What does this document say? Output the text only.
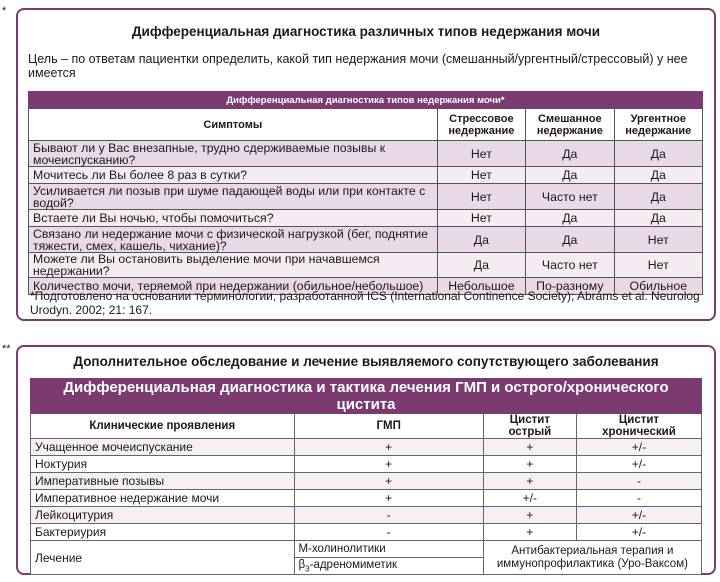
*
**
Дифференциальная диагностика различных типов недержания мочи
Цель – по ответам пациентки определить, какой тип недержания мочи (смешанный/ургентный/стрессовый) у нее имеется
Дифференциальная диагностика типов недержания мочи*			
Симптомы	Стрессовое недержание	Смешанное недержание	Ургентное недержание
Бывают ли у Вас внезапные, трудно сдерживаемые позывы к мочеиспусканию?	Нет	Да	Да
Мочитесь ли Вы более 8 раз в сутки?	Нет	Да	Да
Усиливается ли позыв при шуме падающей воды или при контакте с водой?	Нет	Часто нет	Да
Встаете ли Вы ночью, чтобы помочиться?	Нет	Да	Да
Связано ли недержание мочи с физической нагрузкой (бег, поднятие тяжести, смех, кашель, чихание)?	Да	Да	Нет
Можете ли Вы остановить выделение мочи при начавшемся недержании?	Да	Часто нет	Нет
Количество мочи, теряемой при недержании (обильное/небольшое)	Небольшое	По-разному	Обильное
*Подготовлено на основании терминологии, разработанной ICS (International Continence Society); Abrams et al. Neurolog Urodyn. 2002; 21: 167.
Дополнительное обследование и лечение выявляемого сопутствующего заболевания
Дифференциальная диагностика и тактика лечения ГМП и острого/хронического цистита			
Клинические проявления	ГМП	Цистит острый	Цистит хронический
Учащенное мочеиспускание	+	+	+/-
Ноктурия	+	+	+/-
Императивные позывы	+	+	-
Императивное недержание мочи	+	+/-	-
Лейкоцитурия	-	+	+/-
Бактериурия	-	+	+/-
Лечение	М-холинолитики	Антибактериальная терапия и иммунопрофилактика (Уро-Ваксом)	
	$\beta_3$-адреномиметик		
